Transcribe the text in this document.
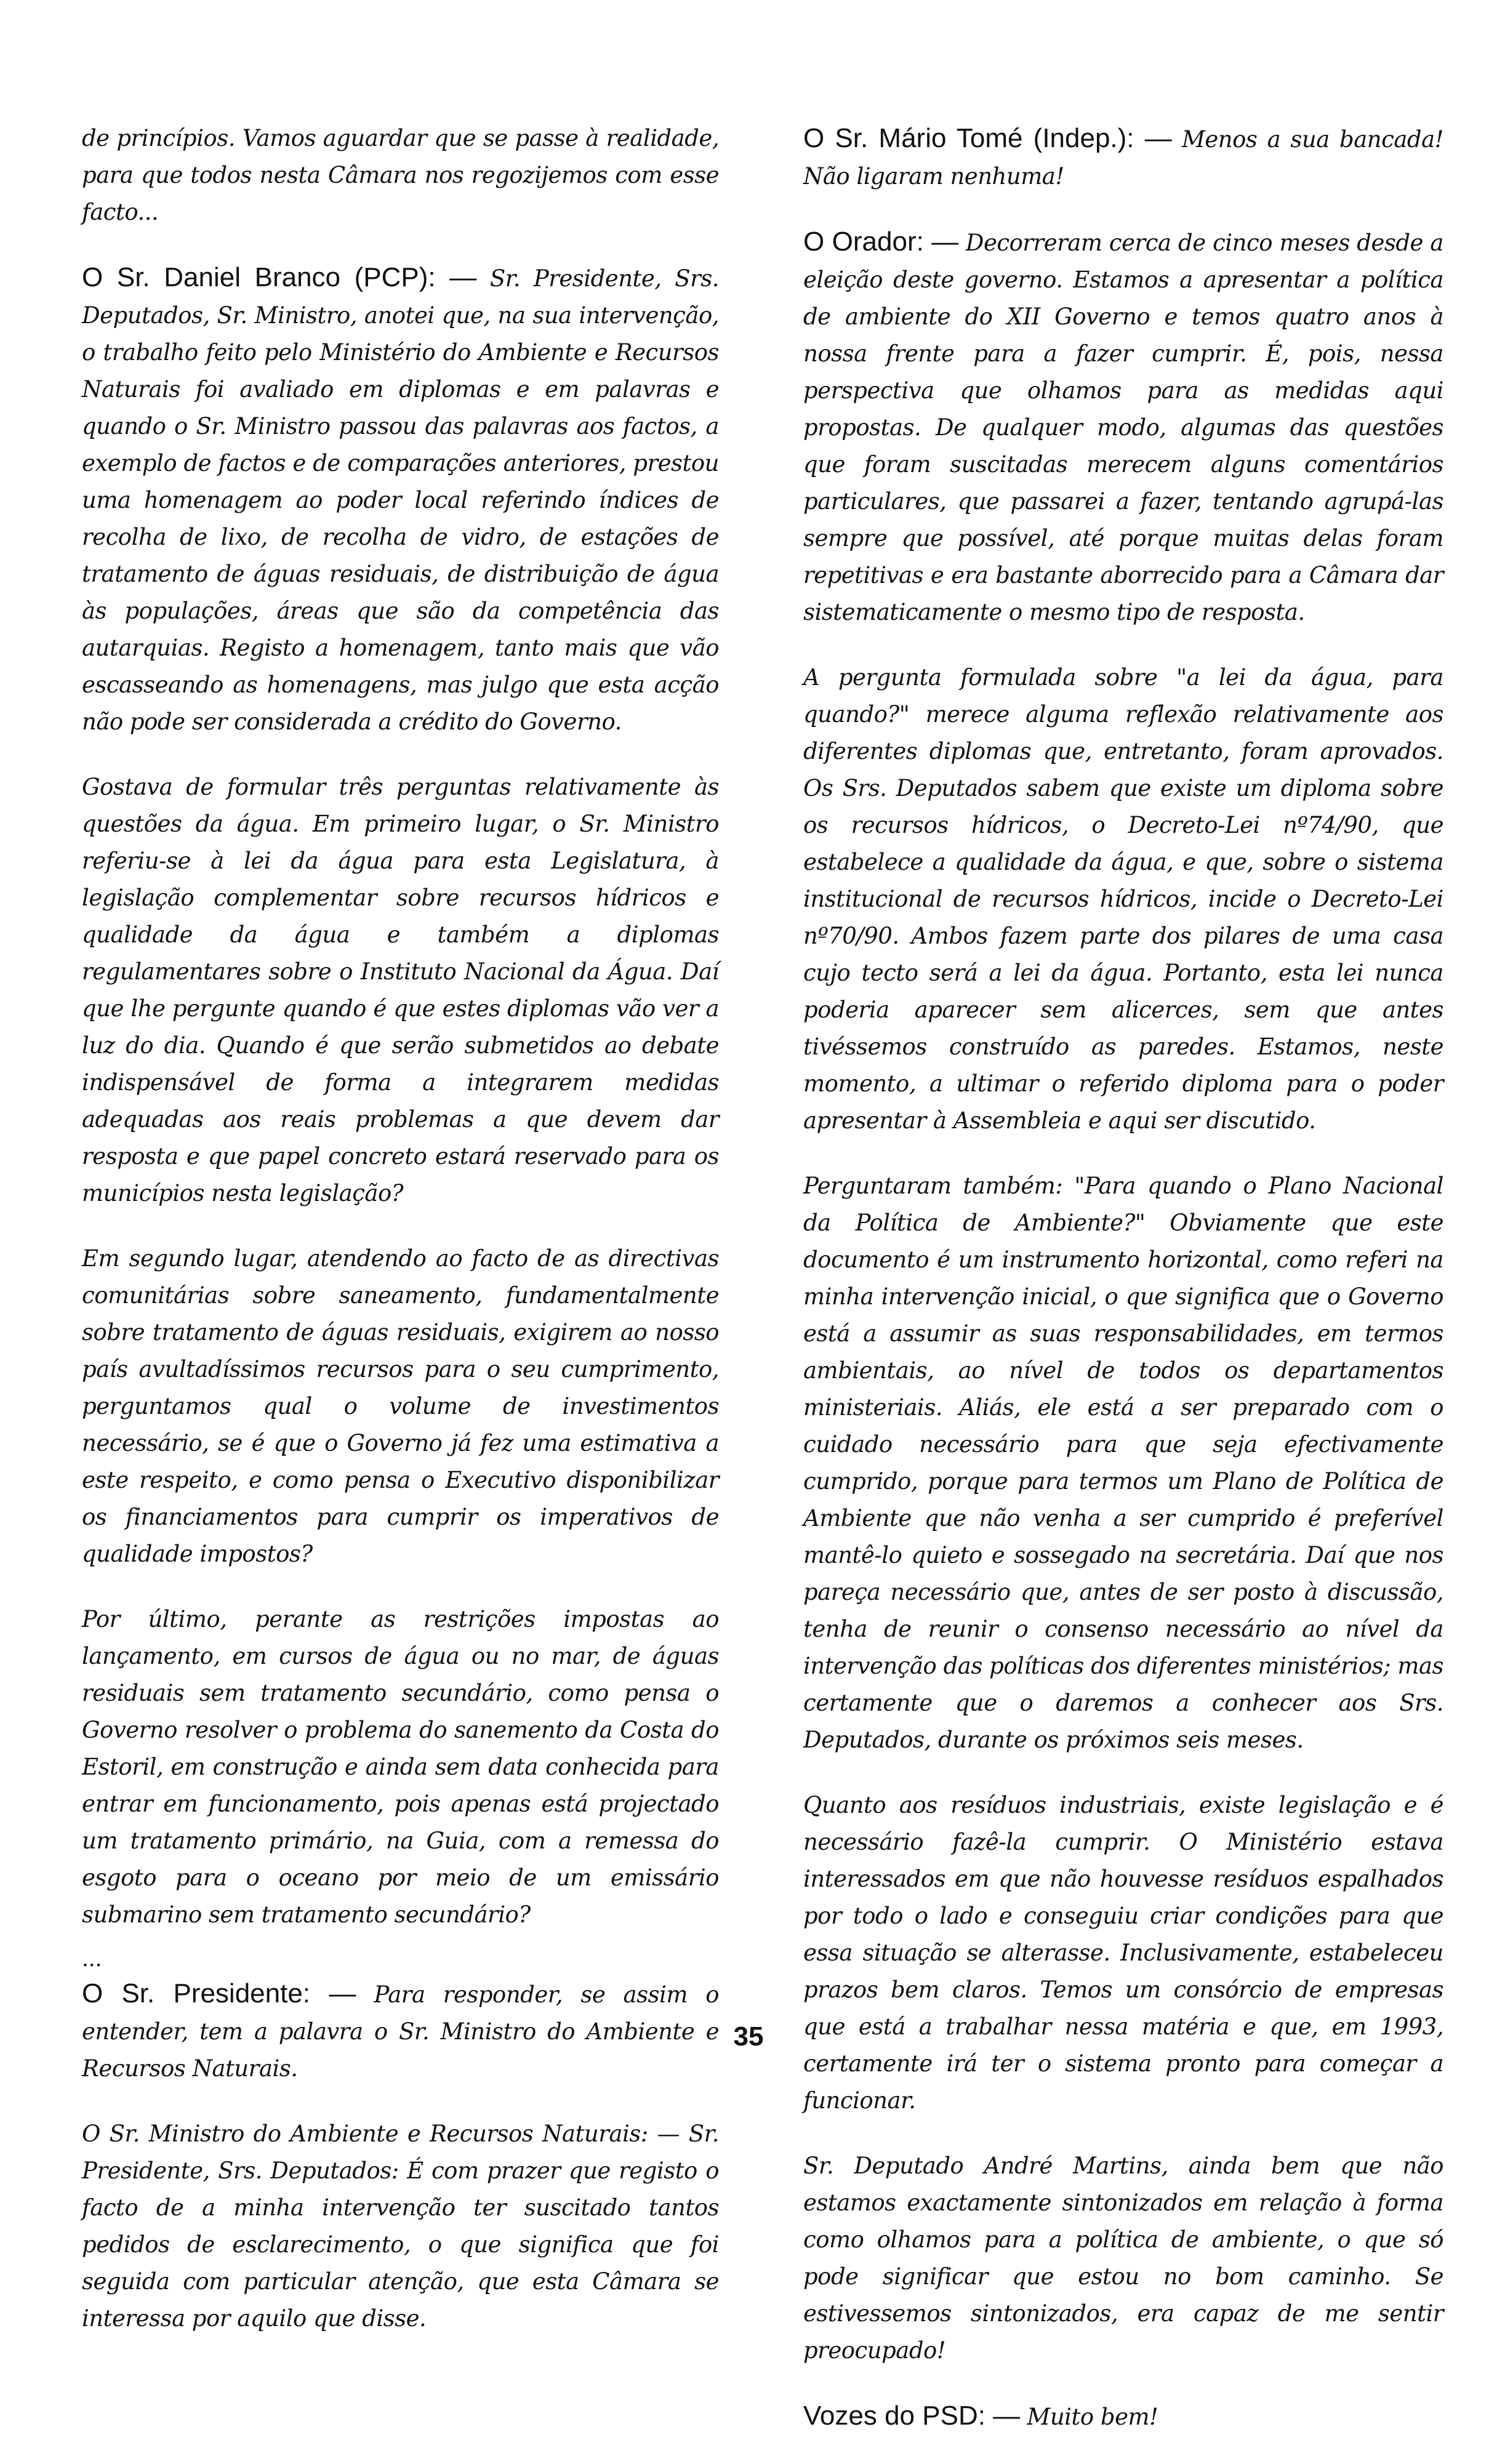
de princípios. Vamos aguardar que se passe à realidade, para que todos nesta Câmara nos regozijemos com esse facto...

O Sr. Daniel Branco (PCP): — Sr. Presidente, Srs. Deputados, Sr. Ministro, anotei que, na sua intervenção, o trabalho feito pelo Ministério do Ambiente e Recursos Naturais foi avaliado em diplomas e em palavras e quando o Sr. Ministro passou das palavras aos factos, a exemplo de factos e de comparações anteriores, prestou uma homenagem ao poder local referindo índices de recolha de lixo, de recolha de vidro, de estações de tratamento de águas residuais, de distribuição de água às populações, áreas que são da competência das autarquias. Registo a homenagem, tanto mais que vão escasseando as homenagens, mas julgo que esta acção não pode ser considerada a crédito do Governo.

Gostava de formular três perguntas relativamente às questões da água. Em primeiro lugar, o Sr. Ministro referiu-se à lei da água para esta Legislatura, à legislação complementar sobre recursos hídricos e qualidade da água e também a diplomas regulamentares sobre o Instituto Nacional da Água. Daí que lhe pergunte quando é que estes diplomas vão ver a luz do dia. Quando é que serão submetidos ao debate indispensável de forma a integrarem medidas adequadas aos reais problemas a que devem dar resposta e que papel concreto estará reservado para os municípios nesta legislação?

Em segundo lugar, atendendo ao facto de as directivas comunitárias sobre saneamento, fundamentalmente sobre tratamento de águas residuais, exigirem ao nosso país avultadíssimos recursos para o seu cumprimento, perguntamos qual o volume de investimentos necessário, se é que o Governo já fez uma estimativa a este respeito, e como pensa o Executivo disponibilizar os financiamentos para cumprir os imperativos de qualidade impostos?

Por último, perante as restrições impostas ao lançamento, em cursos de água ou no mar, de águas residuais sem tratamento secundário, como pensa o Governo resolver o problema do sanemento da Costa do Estoril, em construção e ainda sem data conhecida para entrar em funcionamento, pois apenas está projectado um tratamento primário, na Guia, com a remessa do esgoto para o oceano por meio de um emissário submarino sem tratamento secundário?

...

O Sr. Presidente: — Para responder, se assim o entender, tem a palavra o Sr. Ministro do Ambiente e Recursos Naturais.

O Sr. Ministro do Ambiente e Recursos Naturais: — Sr. Presidente, Srs. Deputados: É com prazer que registo o facto de a minha intervenção ter suscitado tantos pedidos de esclarecimento, o que significa que foi seguida com particular atenção, que esta Câmara se interessa por aquilo que disse.

O Sr. Mário Tomé (Indep.): — Menos a sua bancada! Não ligaram nenhuma!

O Orador: — Decorreram cerca de cinco meses desde a eleição deste governo. Estamos a apresentar a política de ambiente do XII Governo e temos quatro anos à nossa frente para a fazer cumprir. É, pois, nessa perspectiva que olhamos para as medidas aqui propostas. De qualquer modo, algumas das questões que foram suscitadas merecem alguns comentários particulares, que passarei a fazer, tentando agrupá-las sempre que possível, até porque muitas delas foram repetitivas e era bastante aborrecido para a Câmara dar sistematicamente o mesmo tipo de resposta.

A pergunta formulada sobre "a lei da água, para quando?" merece alguma reflexão relativamente aos diferentes diplomas que, entretanto, foram aprovados. Os Srs. Deputados sabem que existe um diploma sobre os recursos hídricos, o Decreto-Lei nº74/90, que estabelece a qualidade da água, e que, sobre o sistema institucional de recursos hídricos, incide o Decreto-Lei nº70/90. Ambos fazem parte dos pilares de uma casa cujo tecto será a lei da água. Portanto, esta lei nunca poderia aparecer sem alicerces, sem que antes tivéssemos construído as paredes. Estamos, neste momento, a ultimar o referido diploma para o poder apresentar à Assembleia e aqui ser discutido.

Perguntaram também: "Para quando o Plano Nacional da Política de Ambiente?" Obviamente que este documento é um instrumento horizontal, como referi na minha intervenção inicial, o que significa que o Governo está a assumir as suas responsabilidades, em termos ambientais, ao nível de todos os departamentos ministeriais. Aliás, ele está a ser preparado com o cuidado necessário para que seja efectivamente cumprido, porque para termos um Plano de Política de Ambiente que não venha a ser cumprido é preferível mantê-lo quieto e sossegado na secretária. Daí que nos pareça necessário que, antes de ser posto à discussão, tenha de reunir o consenso necessário ao nível da intervenção das políticas dos diferentes ministérios; mas certamente que o daremos a conhecer aos Srs. Deputados, durante os próximos seis meses.

Quanto aos resíduos industriais, existe legislação e é necessário fazê-la cumprir. O Ministério estava interessados em que não houvesse resíduos espalhados por todo o lado e conseguiu criar condições para que essa situação se alterasse. Inclusivamente, estabeleceu prazos bem claros. Temos um consórcio de empresas que está a trabalhar nessa matéria e que, em 1993, certamente irá ter o sistema pronto para começar a funcionar.

Sr. Deputado André Martins, ainda bem que não estamos exactamente sintonizados em relação à forma como olhamos para a política de ambiente, o que só pode significar que estou no bom caminho. Se estivessemos sintonizados, era capaz de me sentir preocupado!

Vozes do PSD: — Muito bem!

35
